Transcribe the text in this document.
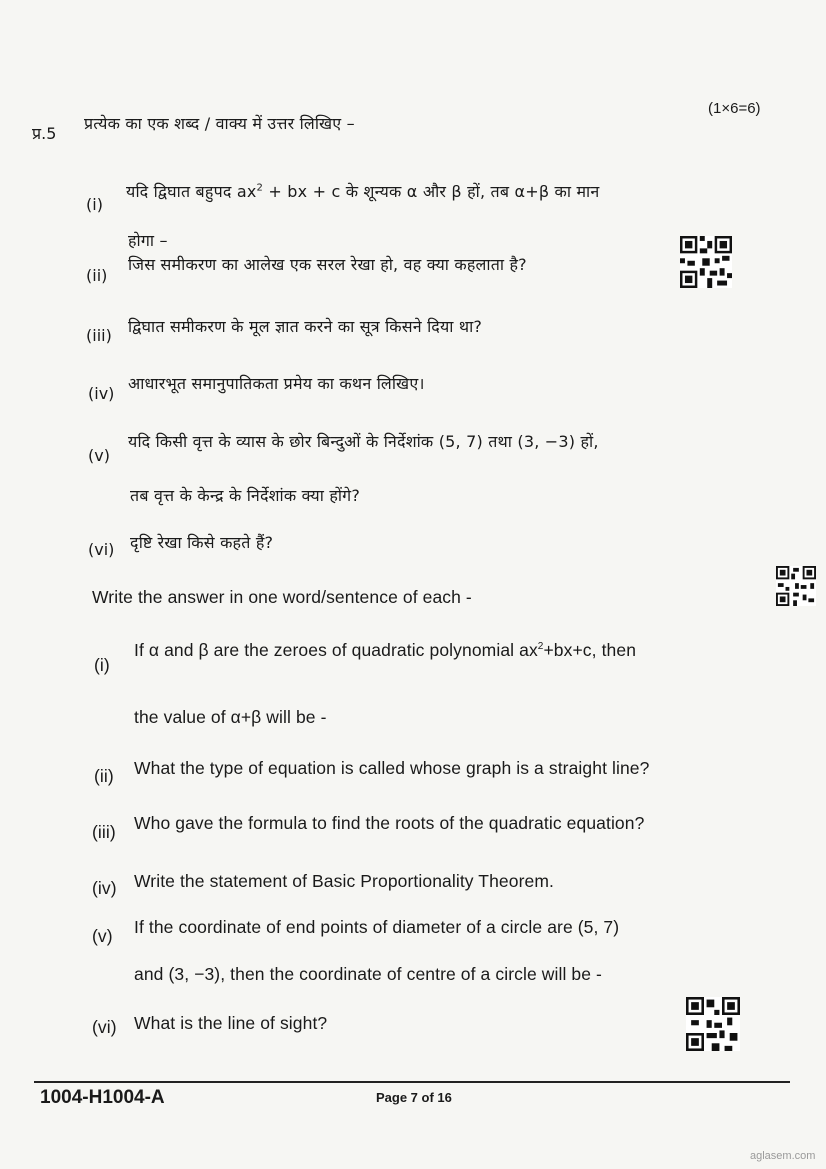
प्र.5
प्रत्येक का एक शब्द / वाक्य में उत्तर लिखिए –
(1×6=6)
(i)
यदि द्विघात बहुपद $ax^2$ + bx + c के शून्यक α और β हों, तब α+β का मान
होगा –
(ii)
जिस समीकरण का आलेख एक सरल रेखा हो, वह क्या कहलाता है?
(iii) द्विघात समीकरण के मूल ज्ञात करने का सूत्र किसने दिया था?
(iv)
आधारभूत समानुपातिकता प्रमेय का कथन लिखिए।
(v)
यदि किसी वृत्त के व्यास के छोर बिन्दुओं के निर्देशांक (5, 7) तथा (3, −3) हों,
तब वृत्त के केन्द्र के निर्देशांक क्या होंगे?
(vi) दृष्टि रेखा किसे कहते हैं?
Write the answer in one word/sentence of each -
(i)
If α and β are the zeroes of quadratic polynomial $ax^2+bx+c$, then
the value of α+β will be -
(ii) What the type of equation is called whose graph is a straight line?
(iii) Who gave the formula to find the roots of the quadratic equation?
(iv) Write the statement of Basic Proportionality Theorem.
(v) If the coordinate of end points of diameter of a circle are (5, 7)
and (3, −3), then the coordinate of centre of a circle will be -
(vi) What is the line of sight?
1004-H1004-A	Page 7 of 16
aglasem.com
